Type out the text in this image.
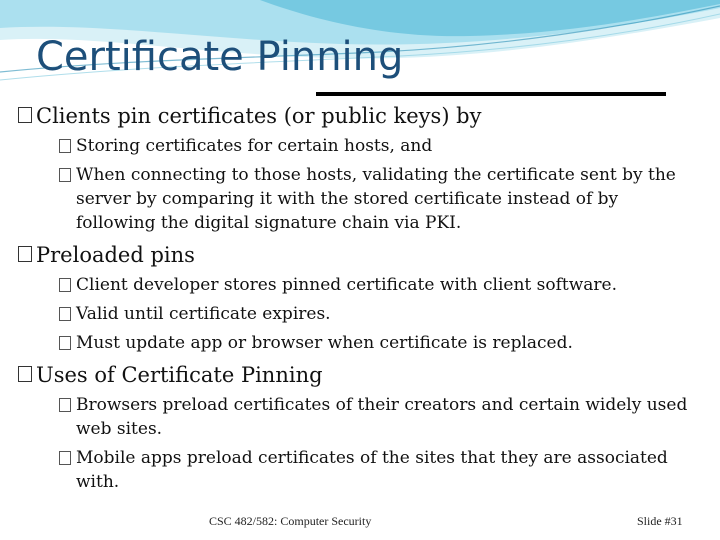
Certificate Pinning
Clients pin certificates (or public keys) by
Storing certificates for certain hosts, and
When connecting to those hosts, validating the certificate sent by the server by comparing it with the stored certificate instead of by following the digital signature chain via PKI.
Preloaded pins
Client developer stores pinned certificate with client software.
Valid until certificate expires.
Must update app or browser when certificate is replaced.
Uses of Certificate Pinning
Browsers preload certificates of their creators and certain widely used web sites.
Mobile apps preload certificates of the sites that they are associated with.
CSC 482/582: Computer Security	Slide #31
